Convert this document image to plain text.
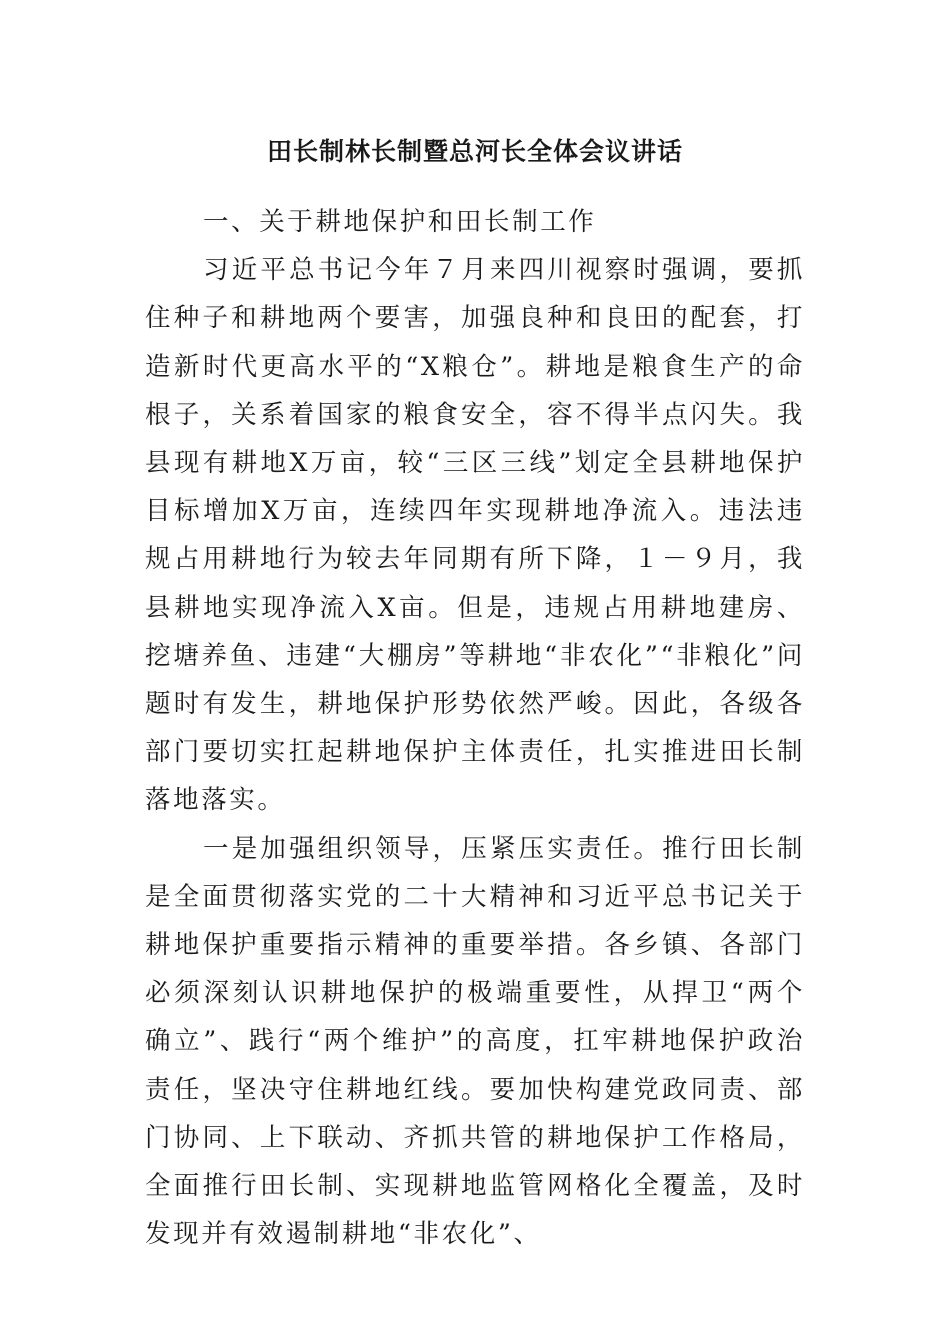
田长制林长制暨总河长全体会议讲话

一、关于耕地保护和田长制工作

习近平总书记今年７月来四川视察时强调，要抓住种子和耕地两个要害，加强良种和良田的配套，打造新时代更高水平的“X粮仓”。耕地是粮食生产的命根子，关系着国家的粮食安全，容不得半点闪失。我县现有耕地X万亩，较“三区三线”划定全县耕地保护目标增加X万亩，连续四年实现耕地净流入。违法违规占用耕地行为较去年同期有所下降，１－９月，我县耕地实现净流入X亩。但是，违规占用耕地建房、挖塘养鱼、违建“大棚房”等耕地“非农化”“非粮化”问题时有发生，耕地保护形势依然严峻。因此，各级各部门要切实扛起耕地保护主体责任，扎实推进田长制落地落实。

一是加强组织领导，压紧压实责任。推行田长制是全面贯彻落实党的二十大精神和习近平总书记关于耕地保护重要指示精神的重要举措。各乡镇、各部门必须深刻认识耕地保护的极端重要性，从捍卫“两个确立”、践行“两个维护”的高度，扛牢耕地保护政治责任，坚决守住耕地红线。要加快构建党政同责、部门协同、上下联动、齐抓共管的耕地保护工作格局，全面推行田长制、实现耕地监管网格化全覆盖，及时发现并有效遏制耕地“非农化”、
